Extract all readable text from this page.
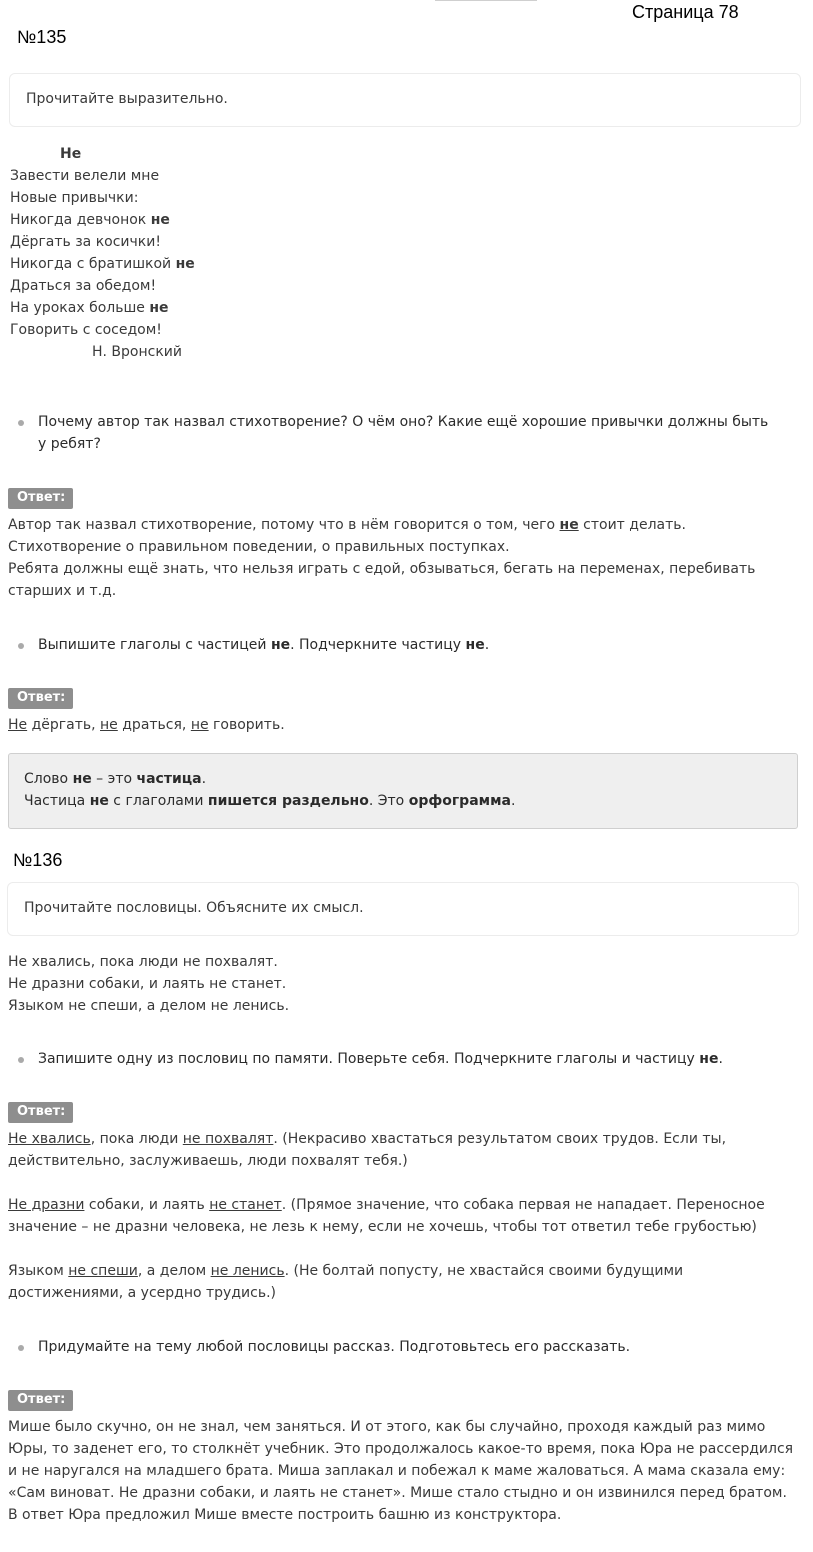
Страница 78
№135
Прочитайте выразительно.
Не
Завести велели мне
Новые привычки:
Никогда девчонок не
Дёргать за косички!
Никогда с братишкой не
Драться за обедом!
На уроках больше не
Говорить с соседом!
Н. Вронский

Почему автор так назвал стихотворение? О чём оно? Какие ещё хорошие привычки должны быть

у ребят?

Ответ:

Автор так назвал стихотворение, потому что в нём говорится о том, чего не стоит делать.

Стихотворение о правильном поведении, о правильных поступках.

Ребята должны ещё знать, что нельзя играть с едой, обзываться, бегать на переменах, перебивать

старших и т.д.

Выпишите глаголы с частицей не. Подчеркните частицу не.

Ответ:

Не дёргать, не драться, не говорить.

Слово не – это частица.

Частица не с глаголами пишется раздельно. Это орфограмма.

№136
Прочитайте пословицы. Объясните их смысл.

Не хвались, пока люди не похвалят.

Не дразни собаки, и лаять не станет.

Языком не спеши, а делом не ленись.

Запишите одну из пословиц по памяти. Поверьте себя. Подчеркните глаголы и частицу не.

Ответ:

Не хвались, пока люди не похвалят. (Некрасиво хвастаться результатом своих трудов. Если ты,

действительно, заслуживаешь, люди похвалят тебя.)

Не дразни собаки, и лаять не станет. (Прямое значение, что собака первая не нападает. Переносное

значение – не дразни человека, не лезь к нему, если не хочешь, чтобы тот ответил тебе грубостью)

Языком не спеши, а делом не ленись. (Не болтай попусту, не хвастайся своими будущими

достижениями, а усердно трудись.)

Придумайте на тему любой пословицы рассказ. Подготовьтесь его рассказать.

Ответ:

Мише было скучно, он не знал, чем заняться. И от этого, как бы случайно, проходя каждый раз мимо

Юры, то заденет его, то столкнёт учебник. Это продолжалось какое-то время, пока Юра не рассердился

и не наругался на младшего брата. Миша заплакал и побежал к маме жаловаться. А мама сказала ему:

«Сам виноват. Не дразни собаки, и лаять не станет». Мише стало стыдно и он извинился перед братом.

В ответ Юра предложил Мише вместе построить башню из конструктора.
